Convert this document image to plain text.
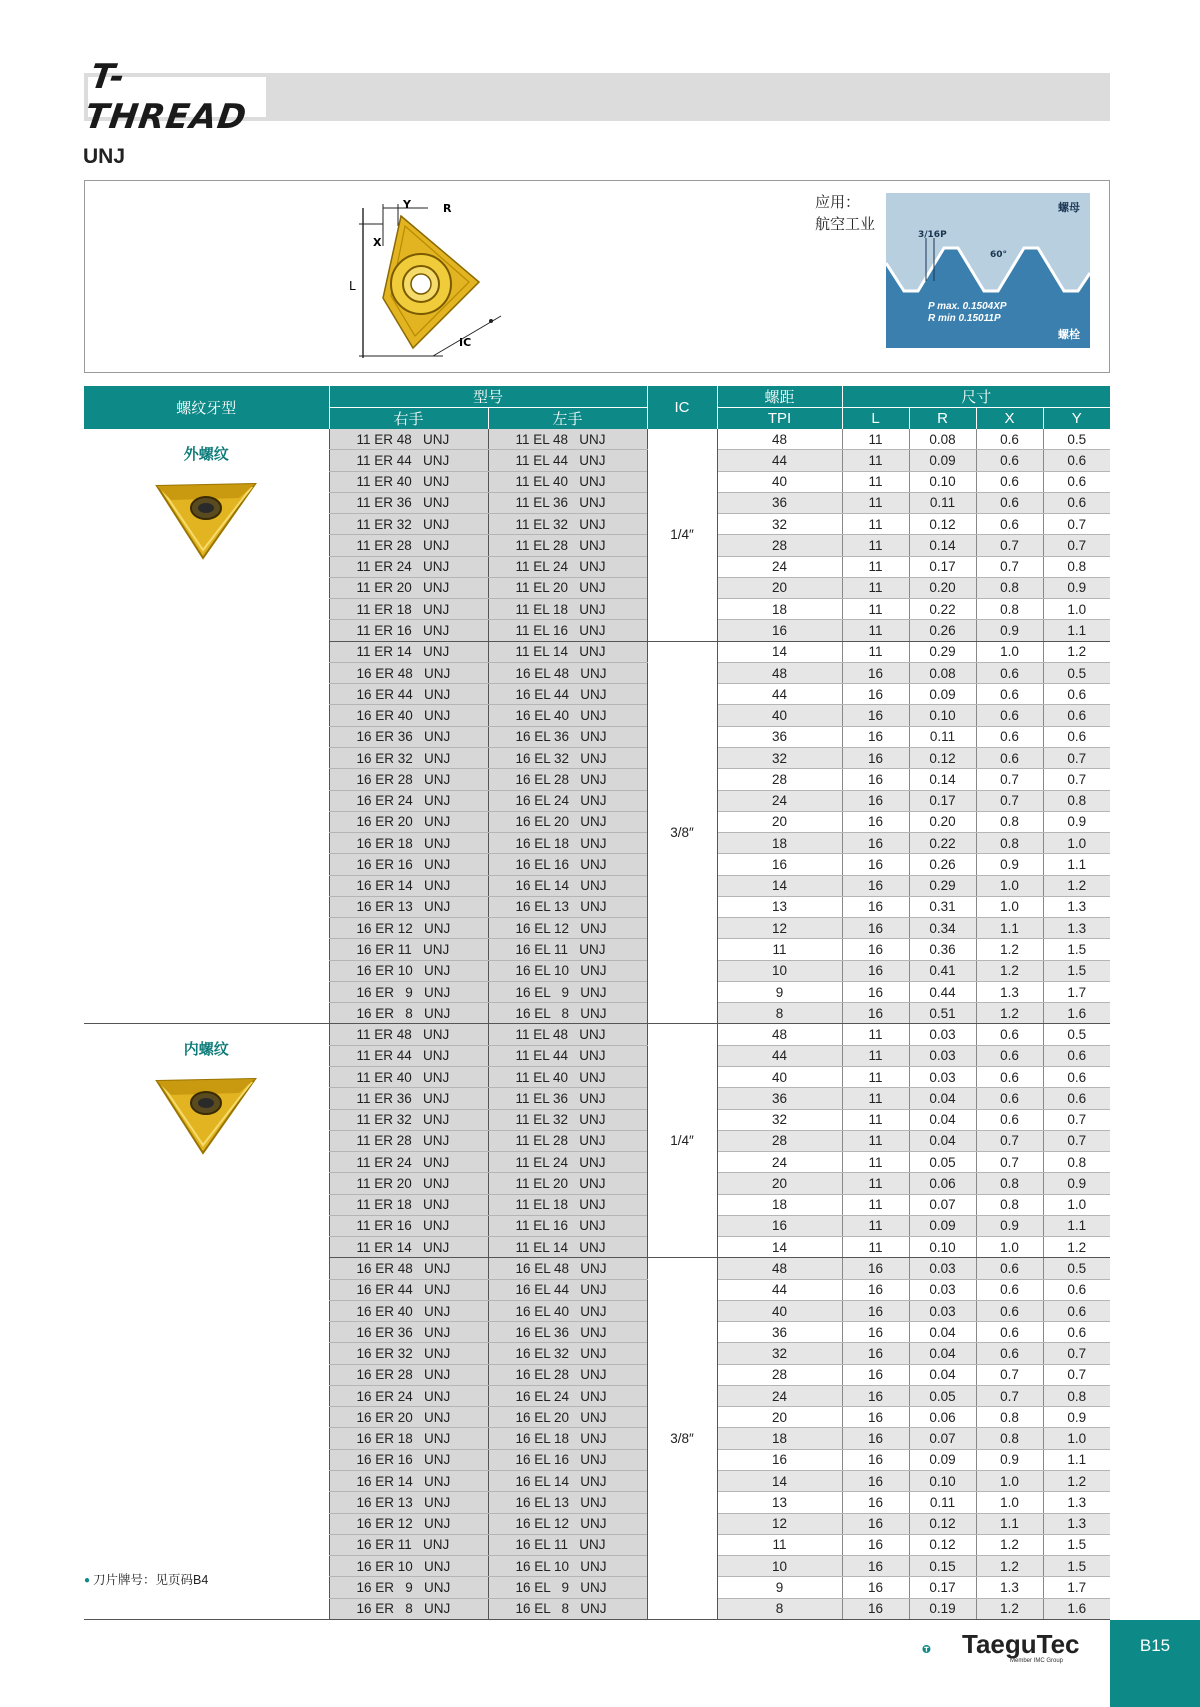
T-THREAD
UNJ
Y	R
X
L
IC
应用：
航空工业
3/16P
60°
螺母
P max. 0.1504XP
R min 0.15011P
螺栓
螺纹牙型	型号		IC	螺距	尺寸			
	右手	左手		TPI	L	R	X	Y

外螺纹	11 ER 48   UNJ	11 EL 48   UNJ	1/4″	48	11	0.08	0.6	0.5
	11 ER 44   UNJ	11 EL 44   UNJ		44	11	0.09	0.6	0.6
	11 ER 40   UNJ	11 EL 40   UNJ		40	11	0.10	0.6	0.6
	11 ER 36   UNJ	11 EL 36   UNJ		36	11	0.11	0.6	0.6
	11 ER 32   UNJ	11 EL 32   UNJ		32	11	0.12	0.6	0.7
	11 ER 28   UNJ	11 EL 28   UNJ		28	11	0.14	0.7	0.7
	11 ER 24   UNJ	11 EL 24   UNJ		24	11	0.17	0.7	0.8
	11 ER 20   UNJ	11 EL 20   UNJ		20	11	0.20	0.8	0.9
	11 ER 18   UNJ	11 EL 18   UNJ		18	11	0.22	0.8	1.0
	11 ER 16   UNJ	11 EL 16   UNJ		16	11	0.26	0.9	1.1
	11 ER 14   UNJ	11 EL 14   UNJ	3/8″	14	11	0.29	1.0	1.2
	16 ER 48   UNJ	16 EL 48   UNJ		48	16	0.08	0.6	0.5
	16 ER 44   UNJ	16 EL 44   UNJ		44	16	0.09	0.6	0.6
	16 ER 40   UNJ	16 EL 40   UNJ		40	16	0.10	0.6	0.6
	16 ER 36   UNJ	16 EL 36   UNJ		36	16	0.11	0.6	0.6
	16 ER 32   UNJ	16 EL 32   UNJ		32	16	0.12	0.6	0.7
	16 ER 28   UNJ	16 EL 28   UNJ		28	16	0.14	0.7	0.7
	16 ER 24   UNJ	16 EL 24   UNJ		24	16	0.17	0.7	0.8
	16 ER 20   UNJ	16 EL 20   UNJ		20	16	0.20	0.8	0.9
	16 ER 18   UNJ	16 EL 18   UNJ		18	16	0.22	0.8	1.0
	16 ER 16   UNJ	16 EL 16   UNJ		16	16	0.26	0.9	1.1
	16 ER 14   UNJ	16 EL 14   UNJ		14	16	0.29	1.0	1.2
	16 ER 13   UNJ	16 EL 13   UNJ		13	16	0.31	1.0	1.3
	16 ER 12   UNJ	16 EL 12   UNJ		12	16	0.34	1.1	1.3
	16 ER 11   UNJ	16 EL 11   UNJ		11	16	0.36	1.2	1.5
	16 ER 10   UNJ	16 EL 10   UNJ		10	16	0.41	1.2	1.5
	16 ER   9   UNJ	16 EL   9   UNJ		9	16	0.44	1.3	1.7
	16 ER   8   UNJ	16 EL   8   UNJ		8	16	0.51	1.2	1.6

内螺纹	11 ER 48   UNJ	11 EL 48   UNJ	1/4″	48	11	0.03	0.6	0.5
	11 ER 44   UNJ	11 EL 44   UNJ		44	11	0.03	0.6	0.6
	11 ER 40   UNJ	11 EL 40   UNJ		40	11	0.03	0.6	0.6
	11 ER 36   UNJ	11 EL 36   UNJ		36	11	0.04	0.6	0.6
	11 ER 32   UNJ	11 EL 32   UNJ		32	11	0.04	0.6	0.7
	11 ER 28   UNJ	11 EL 28   UNJ		28	11	0.04	0.7	0.7
	11 ER 24   UNJ	11 EL 24   UNJ		24	11	0.05	0.7	0.8
	11 ER 20   UNJ	11 EL 20   UNJ		20	11	0.06	0.8	0.9
	11 ER 18   UNJ	11 EL 18   UNJ		18	11	0.07	0.8	1.0
	11 ER 16   UNJ	11 EL 16   UNJ		16	11	0.09	0.9	1.1
	11 ER 14   UNJ	11 EL 14   UNJ		14	11	0.10	1.0	1.2
	16 ER 48   UNJ	16 EL 48   UNJ	3/8″	48	16	0.03	0.6	0.5
	16 ER 44   UNJ	16 EL 44   UNJ		44	16	0.03	0.6	0.6
	16 ER 40   UNJ	16 EL 40   UNJ		40	16	0.03	0.6	0.6
	16 ER 36   UNJ	16 EL 36   UNJ		36	16	0.04	0.6	0.6
	16 ER 32   UNJ	16 EL 32   UNJ		32	16	0.04	0.6	0.7
	16 ER 28   UNJ	16 EL 28   UNJ		28	16	0.04	0.7	0.7
	16 ER 24   UNJ	16 EL 24   UNJ		24	16	0.05	0.7	0.8
	16 ER 20   UNJ	16 EL 20   UNJ		20	16	0.06	0.8	0.9
	16 ER 18   UNJ	16 EL 18   UNJ		18	16	0.07	0.8	1.0
	16 ER 16   UNJ	16 EL 16   UNJ		16	16	0.09	0.9	1.1
	16 ER 14   UNJ	16 EL 14   UNJ		14	16	0.10	1.0	1.2
	16 ER 13   UNJ	16 EL 13   UNJ		13	16	0.11	1.0	1.3
	16 ER 12   UNJ	16 EL 12   UNJ		12	16	0.12	1.1	1.3
	16 ER 11   UNJ	16 EL 11   UNJ		11	16	0.12	1.2	1.5
	16 ER 10   UNJ	16 EL 10   UNJ		10	16	0.15	1.2	1.5
	16 ER   9   UNJ	16 EL   9   UNJ		9	16	0.17	1.3	1.7
	16 ER   8   UNJ	16 EL   8   UNJ		8	16	0.19	1.2	1.6
● 刀片牌号：见页码B4
TaeguTec
Member IMC Group
B15
